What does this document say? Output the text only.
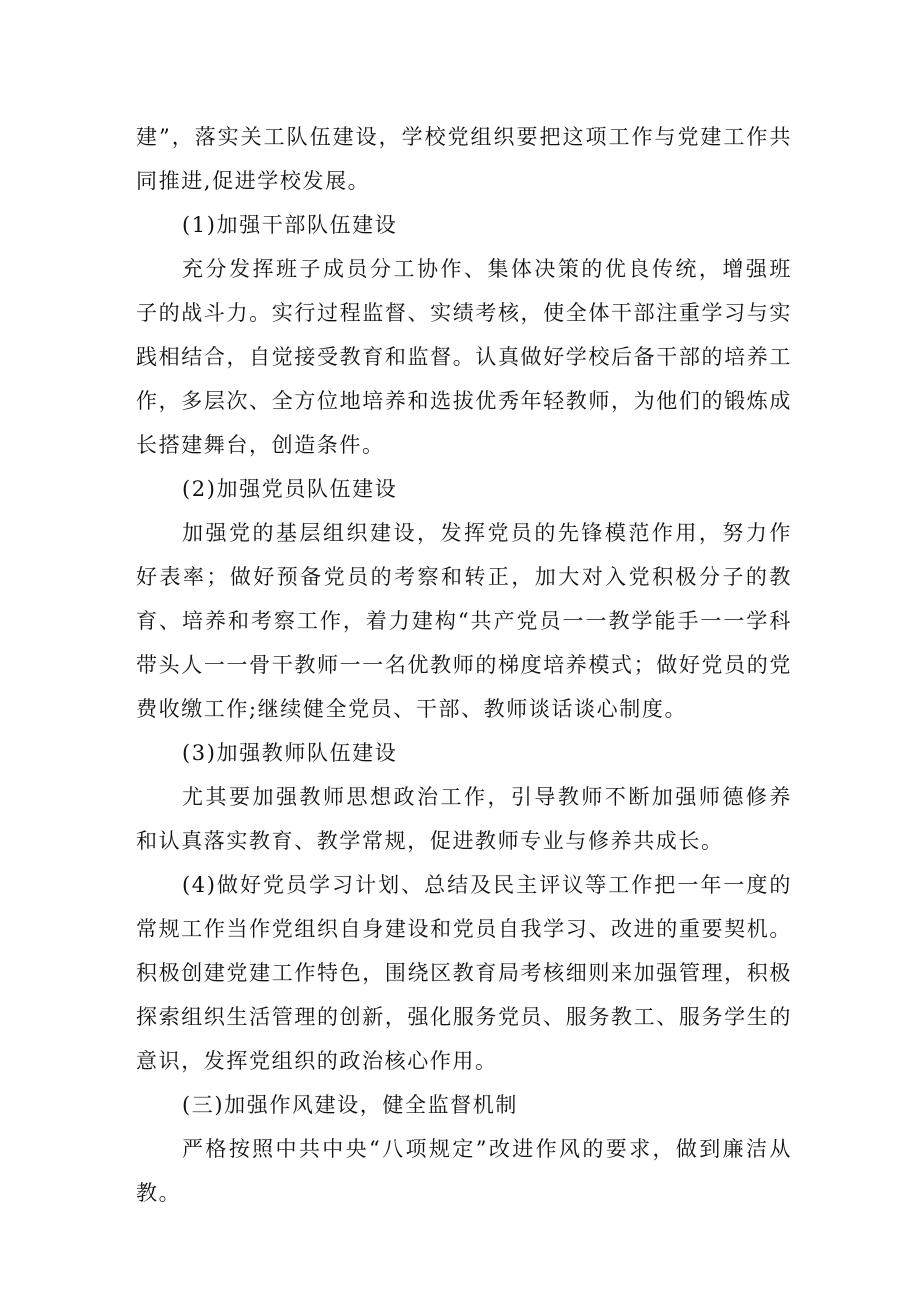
建”，落实关工队伍建设，学校党组织要把这项工作与党建工作共同推进,促进学校发展。

(1)加强干部队伍建设

充分发挥班子成员分工协作、集体决策的优良传统，增强班子的战斗力。实行过程监督、实绩考核，使全体干部注重学习与实践相结合，自觉接受教育和监督。认真做好学校后备干部的培养工作，多层次、全方位地培养和选拔优秀年轻教师，为他们的锻炼成长搭建舞台，创造条件。

(2)加强党员队伍建设

加强党的基层组织建设，发挥党员的先锋模范作用，努力作好表率；做好预备党员的考察和转正，加大对入党积极分子的教育、培养和考察工作，着力建构“共产党员一一教学能手一一学科带头人一一骨干教师一一名优教师的梯度培养模式；做好党员的党费收缴工作;继续健全党员、干部、教师谈话谈心制度。

(3)加强教师队伍建设

尤其要加强教师思想政治工作，引导教师不断加强师德修养和认真落实教育、教学常规，促进教师专业与修养共成长。

(4)做好党员学习计划、总结及民主评议等工作把一年一度的常规工作当作党组织自身建设和党员自我学习、改进的重要契机。积极创建党建工作特色，围绕区教育局考核细则来加强管理，积极探索组织生活管理的创新，强化服务党员、服务教工、服务学生的意识，发挥党组织的政治核心作用。

(三)加强作风建设，健全监督机制

严格按照中共中央“八项规定”改进作风的要求，做到廉洁从教。
